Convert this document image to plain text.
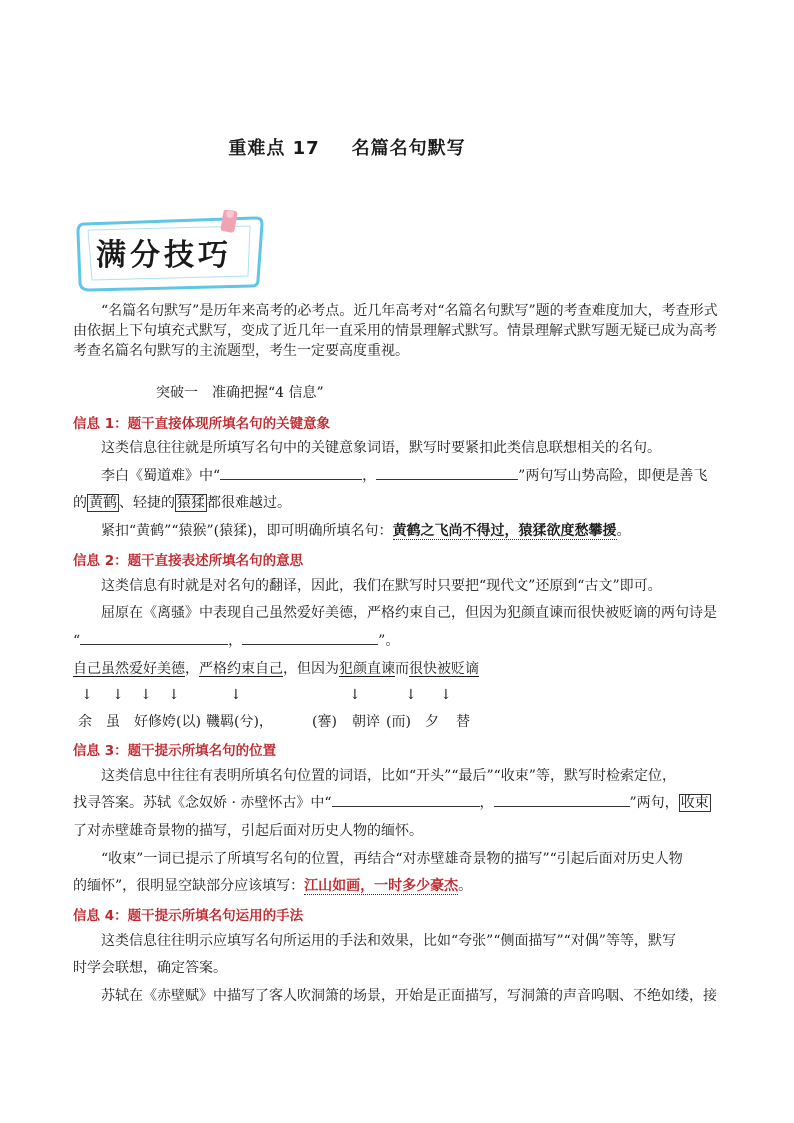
重难点 17 名篇名句默写
满分技巧
“名篇名句默写”是历年来高考的必考点。近几年高考对“名篇名句默写”题的考查难度加大，考查形式由依据上下句填充式默写，变成了近几年一直采用的情景理解式默写。情景理解式默写题无疑已成为高考考查名篇名句默写的主流题型，考生一定要高度重视。
突破一　准确把握“4 信息”
信息 1：题干直接体现所填名句的关键意象
这类信息往往就是所填写名句中的关键意象词语，默写时要紧扣此类信息联想相关的名句。
李白《蜀道难》中“	，	”两句写山势高险，即便是善飞
的 黄鹤 、轻捷的 猿猱 都很难越过。
紧扣“黄鹤”“猿猴”(猿猱)，即可明确所填名句：黄鹤之飞尚不得过，猿猱欲度愁攀援。
信息 2：题干直接表述所填名句的意思
这类信息有时就是对名句的翻译，因此，我们在默写时只要把“现代文”还原到“古文”即可。
屈原在《离骚》中表现自己虽然爱好美德，严格约束自己，但因为犯颜直谏而很快被贬谪的两句诗是
“	，	”。
自己虽然爱好美德，严格约束自己，但因为犯颜直谏而很快被贬谪
↓ ↓ ↓ ↓	↓	↓	↓ ↓
余 虽 好修姱(以) 鞿羁(兮)，	(謇) 朝谇 (而) 夕 替
信息 3：题干提示所填名句的位置
这类信息中往往有表明所填名句位置的词语，比如“开头”“最后”“收束”等，默写时检索定位，
找寻答案。苏轼《念奴娇 · 赤壁怀古》中“	，	”两句， 收束
了对赤壁雄奇景物的描写，引起后面对历史人物的缅怀。
“收束”一词已提示了所填写名句的位置，再结合“对赤壁雄奇景物的描写”“引起后面对历史人物
的缅怀”，很明显空缺部分应该填写：江山如画，一时多少豪杰。
信息 4：题干提示所填名句运用的手法
这类信息往往明示应填写名句所运用的手法和效果，比如“夸张”“侧面描写”“对偶”等等，默写
时学会联想，确定答案。
苏轼在《赤壁赋》中描写了客人吹洞箫的场景，开始是正面描写，写洞箫的声音呜咽、不绝如缕，接
